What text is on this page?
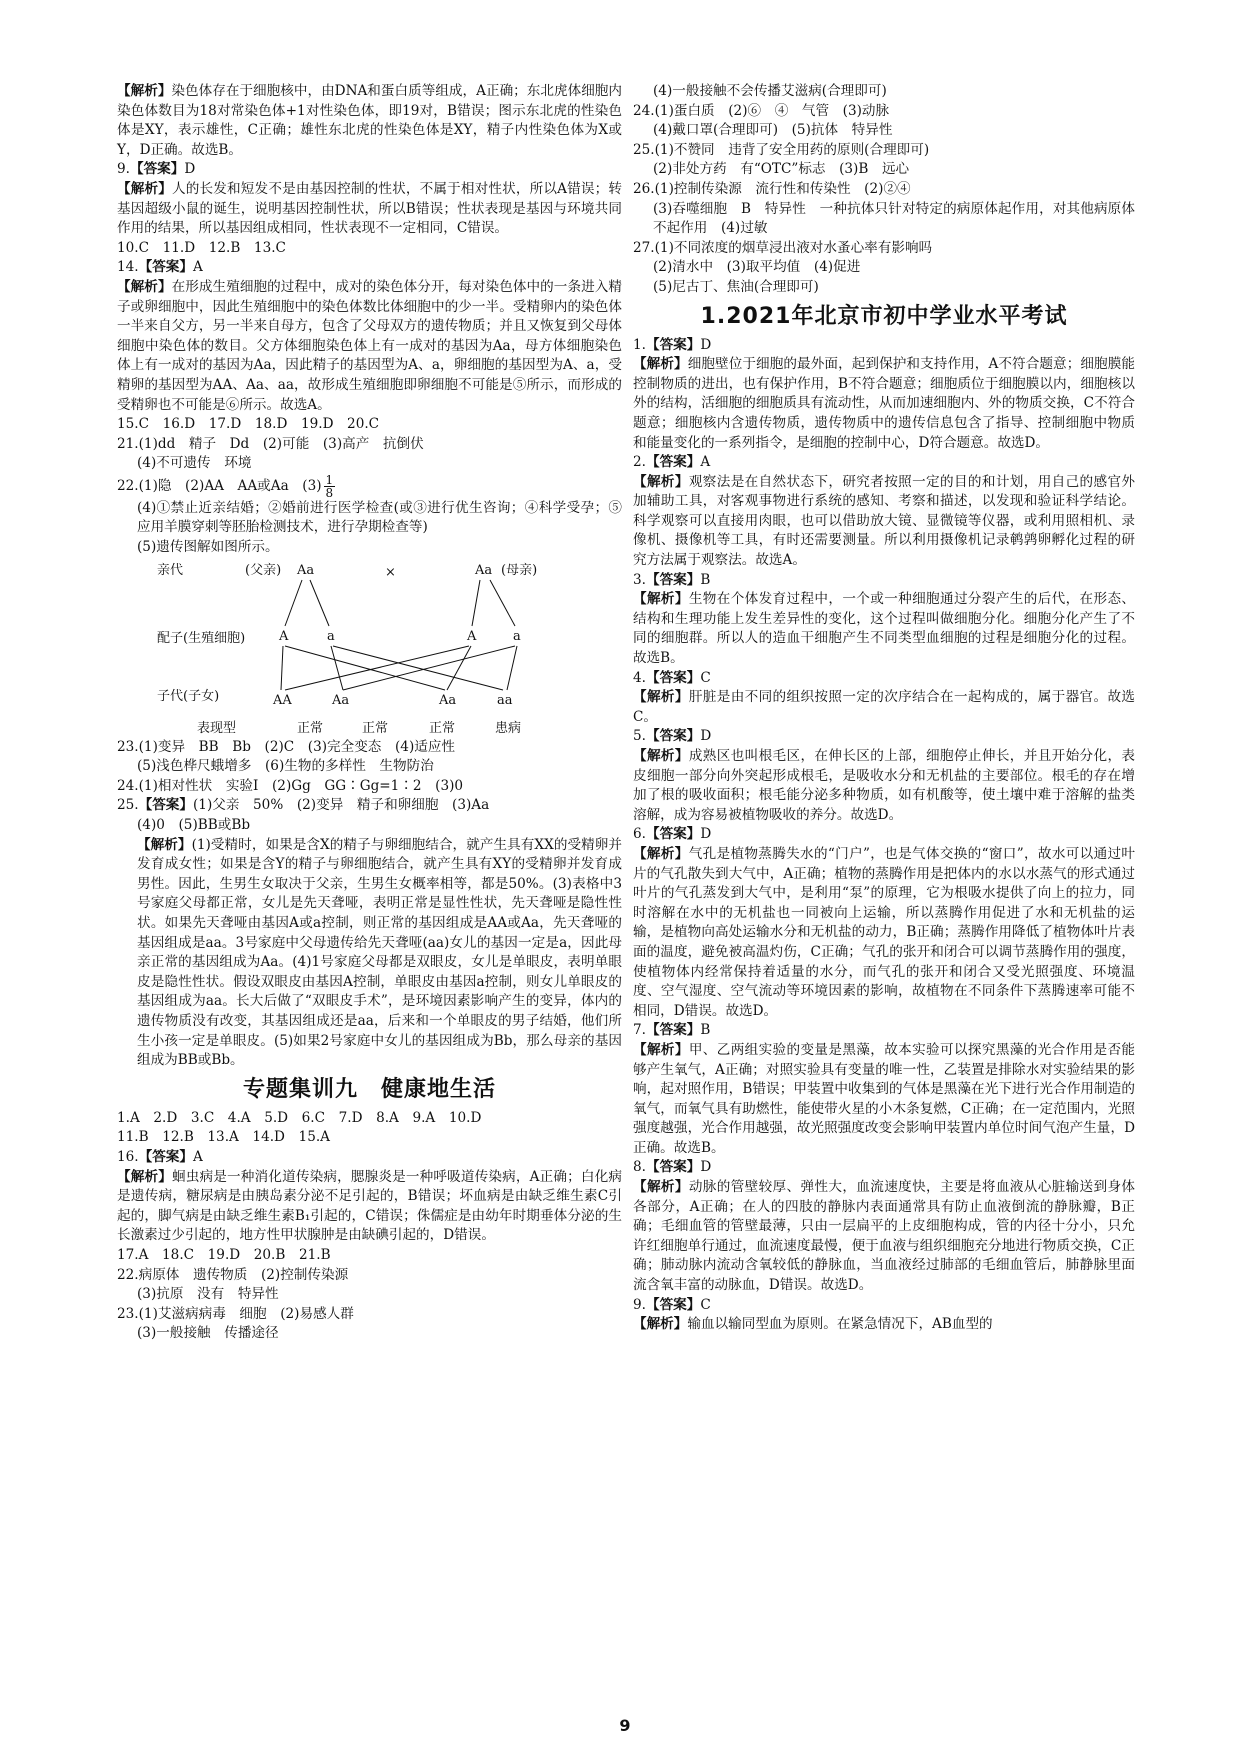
【解析】染色体存在于细胞核中，由DNA和蛋白质等组成，A正确；东北虎体细胞内染色体数目为18对常染色体+1对性染色体，即19对，B错误；图示东北虎的性染色体是XY，表示雄性，C正确；雄性东北虎的性染色体是XY，精子内性染色体为X或Y，D正确。故选B。

9.【答案】D

【解析】人的长发和短发不是由基因控制的性状，不属于相对性状，所以A错误；转基因超级小鼠的诞生，说明基因控制性状，所以B错误；性状表现是基因与环境共同作用的结果，所以基因组成相同，性状表现不一定相同，C错误。

10.C　11.D　12.B　13.C

14.【答案】A

【解析】在形成生殖细胞的过程中，成对的染色体分开，每对染色体中的一条进入精子或卵细胞中，因此生殖细胞中的染色体数比体细胞中的少一半。受精卵内的染色体一半来自父方，另一半来自母方，包含了父母双方的遗传物质；并且又恢复到父母体细胞中染色体的数目。父方体细胞染色体上有一成对的基因为Aa，母方体细胞染色体上有一成对的基因为Aa，因此精子的基因型为A、a，卵细胞的基因型为A、a，受精卵的基因型为AA、Aa、aa，故形成生殖细胞即卵细胞不可能是⑤所示，而形成的受精卵也不可能是⑥所示。故选A。

15.C　16.D　17.D　18.D　19.D　20.C

21.(1)dd　精子　Dd　(2)可能　(3)高产　抗倒伏

(4)不可遗传　环境

22.(1)隐　(2)AA　AA或Aa　$(3) \frac{1}{8}$

(4)①禁止近亲结婚；②婚前进行医学检查(或③进行优生咨询；④科学受孕；⑤应用羊膜穿刺等胚胎检测技术，进行孕期检查等)

(5)遗传图解如图所示。

亲代	(父亲) Aa	×	Aa (母亲)
配子(生殖细胞)	A	a	A	a
子代(子女)	AA	Aa	Aa	aa
表现型	正常	正常	正常	患病

23.(1)变异　BB　Bb　(2)C　(3)完全变态　(4)适应性

(5)浅色桦尺蛾增多　(6)生物的多样性　生物防治

24.(1)相对性状　实验Ⅰ　(2)Gg　GG∶Gg=1∶2　(3)0

25.【答案】(1)父亲　50%　(2)变异　精子和卵细胞　(3)Aa

(4)0　(5)BB或Bb

【解析】(1)受精时，如果是含X的精子与卵细胞结合，就产生具有XX的受精卵并发育成女性；如果是含Y的精子与卵细胞结合，就产生具有XY的受精卵并发育成男性。因此，生男生女取决于父亲，生男生女概率相等，都是50%。(3)表格中3号家庭父母都正常，女儿是先天聋哑，表明正常是显性性状，先天聋哑是隐性性状。如果先天聋哑由基因A或a控制，则正常的基因组成是AA或Aa，先天聋哑的基因组成是aa。3号家庭中父母遗传给先天聋哑(aa)女儿的基因一定是a，因此母亲正常的基因组成为Aa。(4)1号家庭父母都是双眼皮，女儿是单眼皮，表明单眼皮是隐性性状。假设双眼皮由基因A控制，单眼皮由基因a控制，则女儿单眼皮的基因组成为aa。长大后做了“双眼皮手术”，是环境因素影响产生的变异，体内的遗传物质没有改变，其基因组成还是aa，后来和一个单眼皮的男子结婚，他们所生小孩一定是单眼皮。(5)如果2号家庭中女儿的基因组成为Bb，那么母亲的基因组成为BB或Bb。

专题集训九　健康地生活

1.A　2.D　3.C　4.A　5.D　6.C　7.D　8.A　9.A　10.D

11.B　12.B　13.A　14.D　15.A

16.【答案】A

【解析】蛔虫病是一种消化道传染病，腮腺炎是一种呼吸道传染病，A正确；白化病是遗传病，糖尿病是由胰岛素分泌不足引起的，B错误；坏血病是由缺乏维生素C引起的，脚气病是由缺乏维生素B₁引起的，C错误；侏儒症是由幼年时期垂体分泌的生长激素过少引起的，地方性甲状腺肿是由缺碘引起的，D错误。

17.A　18.C　19.D　20.B　21.B

22.病原体　遗传物质　(2)控制传染源

(3)抗原　没有　特异性

23.(1)艾滋病病毒　细胞　(2)易感人群

(3)一般接触　传播途径

(4)一般接触不会传播艾滋病(合理即可)

24.(1)蛋白质　(2)⑥　④　气管　(3)动脉

(4)戴口罩(合理即可)　(5)抗体　特异性

25.(1)不赞同　违背了安全用药的原则(合理即可)

(2)非处方药　有“OTC”标志　(3)B　远心

26.(1)控制传染源　流行性和传染性　(2)②④

(3)吞噬细胞　B　特异性　一种抗体只针对特定的病原体起作用，对其他病原体不起作用　(4)过敏

27.(1)不同浓度的烟草浸出液对水蚤心率有影响吗

(2)清水中　(3)取平均值　(4)促进

(5)尼古丁、焦油(合理即可)

1.2021年北京市初中学业水平考试

1.【答案】D

【解析】细胞壁位于细胞的最外面，起到保护和支持作用，A不符合题意；细胞膜能控制物质的进出，也有保护作用，B不符合题意；细胞质位于细胞膜以内，细胞核以外的结构，活细胞的细胞质具有流动性，从而加速细胞内、外的物质交换，C不符合题意；细胞核内含遗传物质，遗传物质中的遗传信息包含了指导、控制细胞中物质和能量变化的一系列指令，是细胞的控制中心，D符合题意。故选D。

2.【答案】A

【解析】观察法是在自然状态下，研究者按照一定的目的和计划，用自己的感官外加辅助工具，对客观事物进行系统的感知、考察和描述，以发现和验证科学结论。科学观察可以直接用肉眼，也可以借助放大镜、显微镜等仪器，或利用照相机、录像机、摄像机等工具，有时还需要测量。所以利用摄像机记录鹌鹑卵孵化过程的研究方法属于观察法。故选A。

3.【答案】B

【解析】生物在个体发育过程中，一个或一种细胞通过分裂产生的后代，在形态、结构和生理功能上发生差异性的变化，这个过程叫做细胞分化。细胞分化产生了不同的细胞群。所以人的造血干细胞产生不同类型血细胞的过程是细胞分化的过程。故选B。

4.【答案】C

【解析】肝脏是由不同的组织按照一定的次序结合在一起构成的，属于器官。故选C。

5.【答案】D

【解析】成熟区也叫根毛区，在伸长区的上部，细胞停止伸长，并且开始分化，表皮细胞一部分向外突起形成根毛，是吸收水分和无机盐的主要部位。根毛的存在增加了根的吸收面积；根毛能分泌多种物质，如有机酸等，使土壤中难于溶解的盐类溶解，成为容易被植物吸收的养分。故选D。

6.【答案】D

【解析】气孔是植物蒸腾失水的“门户”，也是气体交换的“窗口”，故水可以通过叶片的气孔散失到大气中，A正确；植物的蒸腾作用是把体内的水以水蒸气的形式通过叶片的气孔蒸发到大气中，是利用“泵”的原理，它为根吸水提供了向上的拉力，同时溶解在水中的无机盐也一同被向上运输，所以蒸腾作用促进了水和无机盐的运输，是植物向高处运输水分和无机盐的动力，B正确；蒸腾作用降低了植物体叶片表面的温度，避免被高温灼伤，C正确；气孔的张开和闭合可以调节蒸腾作用的强度，使植物体内经常保持着适量的水分，而气孔的张开和闭合又受光照强度、环境温度、空气湿度、空气流动等环境因素的影响，故植物在不同条件下蒸腾速率可能不相同，D错误。故选D。

7.【答案】B

【解析】甲、乙两组实验的变量是黑藻，故本实验可以探究黑藻的光合作用是否能够产生氧气，A正确；对照实验具有变量的唯一性，乙装置是排除水对实验结果的影响，起对照作用，B错误；甲装置中收集到的气体是黑藻在光下进行光合作用制造的氧气，而氧气具有助燃性，能使带火星的小木条复燃，C正确；在一定范围内，光照强度越强，光合作用越强，故光照强度改变会影响甲装置内单位时间气泡产生量，D正确。故选B。

8.【答案】D

【解析】动脉的管壁较厚、弹性大，血流速度快，主要是将血液从心脏输送到身体各部分，A正确；在人的四肢的静脉内表面通常具有防止血液倒流的静脉瓣，B正确；毛细血管的管壁最薄，只由一层扁平的上皮细胞构成，管的内径十分小，只允许红细胞单行通过，血流速度最慢，便于血液与组织细胞充分地进行物质交换，C正确；肺动脉内流动含氧较低的静脉血，当血液经过肺部的毛细血管后，肺静脉里面流含氧丰富的动脉血，D错误。故选D。

9.【答案】C

【解析】输血以输同型血为原则。在紧急情况下，AB血型的

9
